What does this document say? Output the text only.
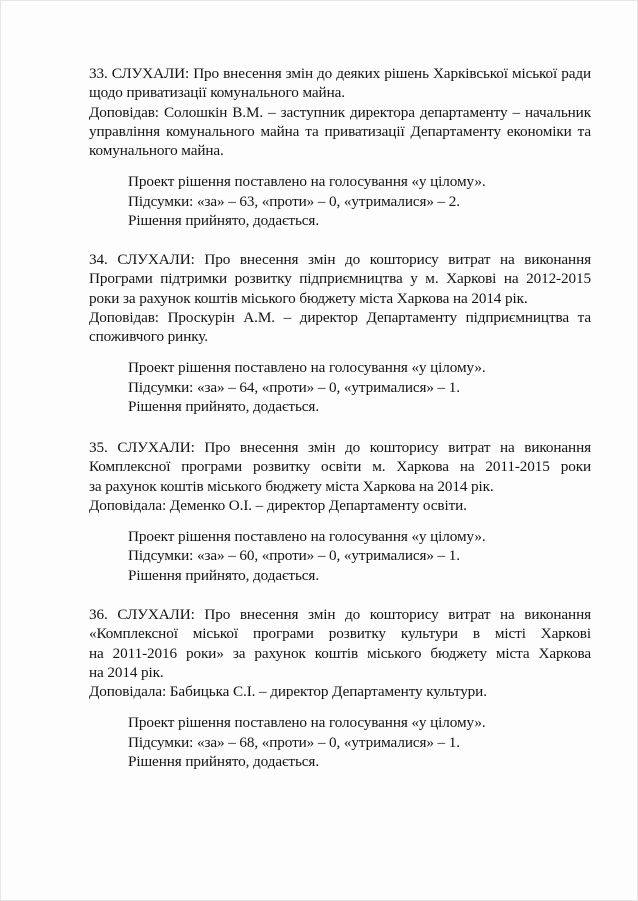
33. СЛУХАЛИ: Про внесення змін до деяких рішень Харківської міської ради
щодо приватизації комунального майна.
Доповідав: Солошкін В.М. – заступник директора департаменту – начальник
управління комунального майна та приватизації Департаменту економіки та
комунального майна.
Проект рішення поставлено на голосування «у цілому».
Підсумки: «за» – 63, «проти» – 0, «утрималися» – 2.
Рішення прийнято, додається.
34. СЛУХАЛИ: Про внесення змін до кошторису витрат на виконання
Програми підтримки розвитку підприємництва у м. Харкові на 2012-2015
роки за рахунок коштів міського бюджету міста Харкова на 2014 рік.
Доповідав: Проскурін А.М. – директор Департаменту підприємництва та
споживчого ринку.
Проект рішення поставлено на голосування «у цілому».
Підсумки: «за» – 64, «проти» – 0, «утрималися» – 1.
Рішення прийнято, додається.
35. СЛУХАЛИ: Про внесення змін до кошторису витрат на виконання
Комплексної програми розвитку освіти м. Харкова на 2011-2015 роки
за рахунок коштів міського бюджету міста Харкова на 2014 рік.
Доповідала: Деменко О.І. – директор Департаменту освіти.
Проект рішення поставлено на голосування «у цілому».
Підсумки: «за» – 60, «проти» – 0, «утрималися» – 1.
Рішення прийнято, додається.
36. СЛУХАЛИ: Про внесення змін до кошторису витрат на виконання
«Комплексної міської програми розвитку культури в місті Харкові
на 2011-2016 роки» за рахунок коштів міського бюджету міста Харкова
на 2014 рік.
Доповідала: Бабицька С.І. – директор Департаменту культури.
Проект рішення поставлено на голосування «у цілому».
Підсумки: «за» – 68, «проти» – 0, «утрималися» – 1.
Рішення прийнято, додається.
